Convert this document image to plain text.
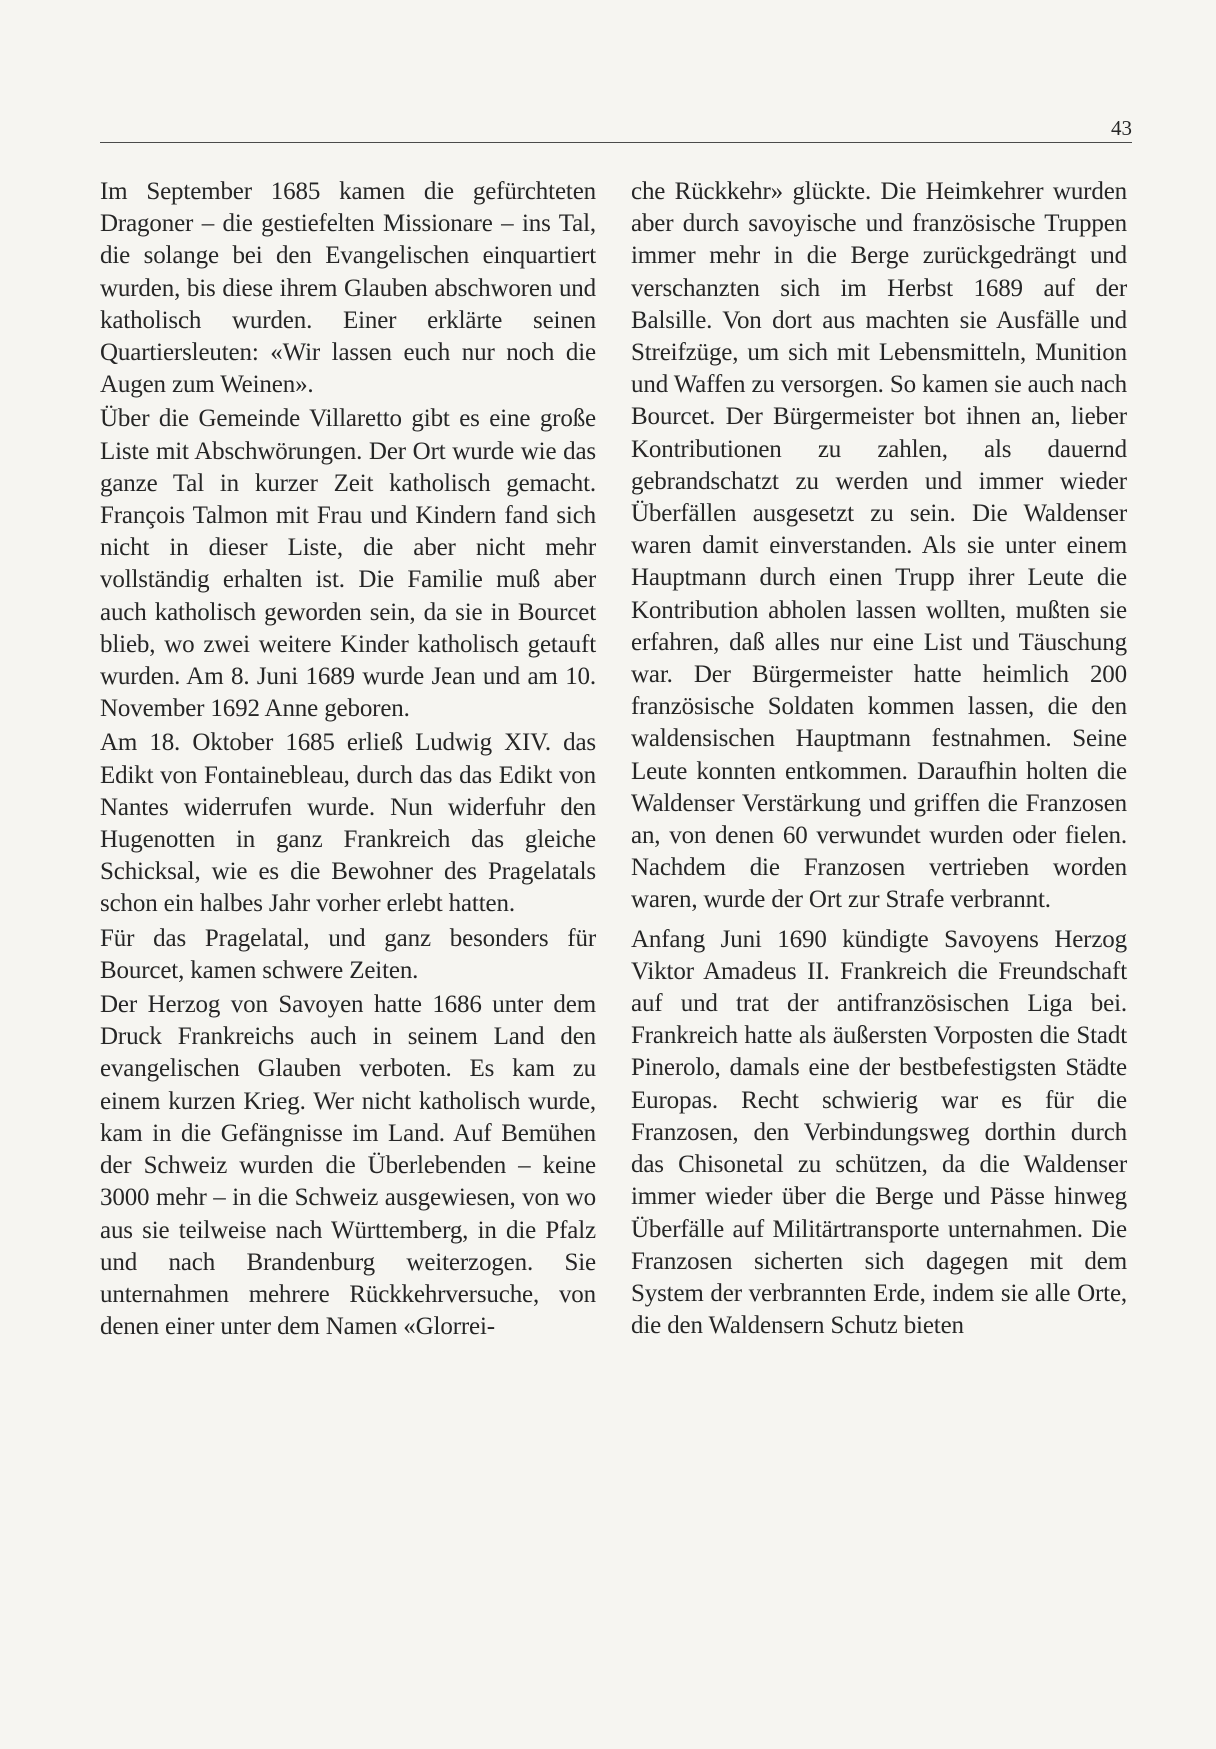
43

Im September 1685 kamen die gefürchteten Dragoner – die gestiefelten Missionare – ins Tal, die solange bei den Evangelischen einquartiert wurden, bis diese ihrem Glauben abschworen und katholisch wurden. Einer erklärte seinen Quartiersleuten: «Wir lassen euch nur noch die Augen zum Weinen».

Über die Gemeinde Villaretto gibt es eine große Liste mit Abschwörungen. Der Ort wurde wie das ganze Tal in kurzer Zeit katholisch gemacht. François Talmon mit Frau und Kindern fand sich nicht in dieser Liste, die aber nicht mehr vollständig erhalten ist. Die Familie muß aber auch katholisch geworden sein, da sie in Bourcet blieb, wo zwei weitere Kinder katholisch getauft wurden. Am 8. Juni 1689 wurde Jean und am 10. November 1692 Anne geboren.

Am 18. Oktober 1685 erließ Ludwig XIV. das Edikt von Fontainebleau, durch das das Edikt von Nantes widerrufen wurde. Nun widerfuhr den Hugenotten in ganz Frankreich das gleiche Schicksal, wie es die Bewohner des Pragelatals schon ein halbes Jahr vorher erlebt hatten.

Für das Pragelatal, und ganz besonders für Bourcet, kamen schwere Zeiten.

Der Herzog von Savoyen hatte 1686 unter dem Druck Frankreichs auch in seinem Land den evangelischen Glauben verboten. Es kam zu einem kurzen Krieg. Wer nicht katholisch wurde, kam in die Gefängnisse im Land. Auf Bemühen der Schweiz wurden die Überlebenden – keine 3000 mehr – in die Schweiz ausgewiesen, von wo aus sie teilweise nach Württemberg, in die Pfalz und nach Brandenburg weiterzogen. Sie unternahmen mehrere Rückkehrversuche, von denen einer unter dem Namen «Glorrei-

che Rückkehr» glückte. Die Heimkehrer wurden aber durch savoyische und französische Truppen immer mehr in die Berge zurückgedrängt und verschanzten sich im Herbst 1689 auf der Balsille. Von dort aus machten sie Ausfälle und Streifzüge, um sich mit Lebensmitteln, Munition und Waffen zu versorgen. So kamen sie auch nach Bourcet. Der Bürgermeister bot ihnen an, lieber Kontributionen zu zahlen, als dauernd gebrandschatzt zu werden und immer wieder Überfällen ausgesetzt zu sein. Die Waldenser waren damit einverstanden. Als sie unter einem Hauptmann durch einen Trupp ihrer Leute die Kontribution abholen lassen wollten, mußten sie erfahren, daß alles nur eine List und Täuschung war. Der Bürgermeister hatte heimlich 200 französische Soldaten kommen lassen, die den waldensischen Hauptmann festnahmen. Seine Leute konnten entkommen. Daraufhin holten die Waldenser Verstärkung und griffen die Franzosen an, von denen 60 verwundet wurden oder fielen. Nachdem die Franzosen vertrieben worden waren, wurde der Ort zur Strafe verbrannt.

Anfang Juni 1690 kündigte Savoyens Herzog Viktor Amadeus II. Frankreich die Freundschaft auf und trat der antifranzösischen Liga bei. Frankreich hatte als äußersten Vorposten die Stadt Pinerolo, damals eine der bestbefestigsten Städte Europas. Recht schwierig war es für die Franzosen, den Verbindungsweg dorthin durch das Chisonetal zu schützen, da die Waldenser immer wieder über die Berge und Pässe hinweg Überfälle auf Militärtransporte unternahmen. Die Franzosen sicherten sich dagegen mit dem System der verbrannten Erde, indem sie alle Orte, die den Waldensern Schutz bieten
